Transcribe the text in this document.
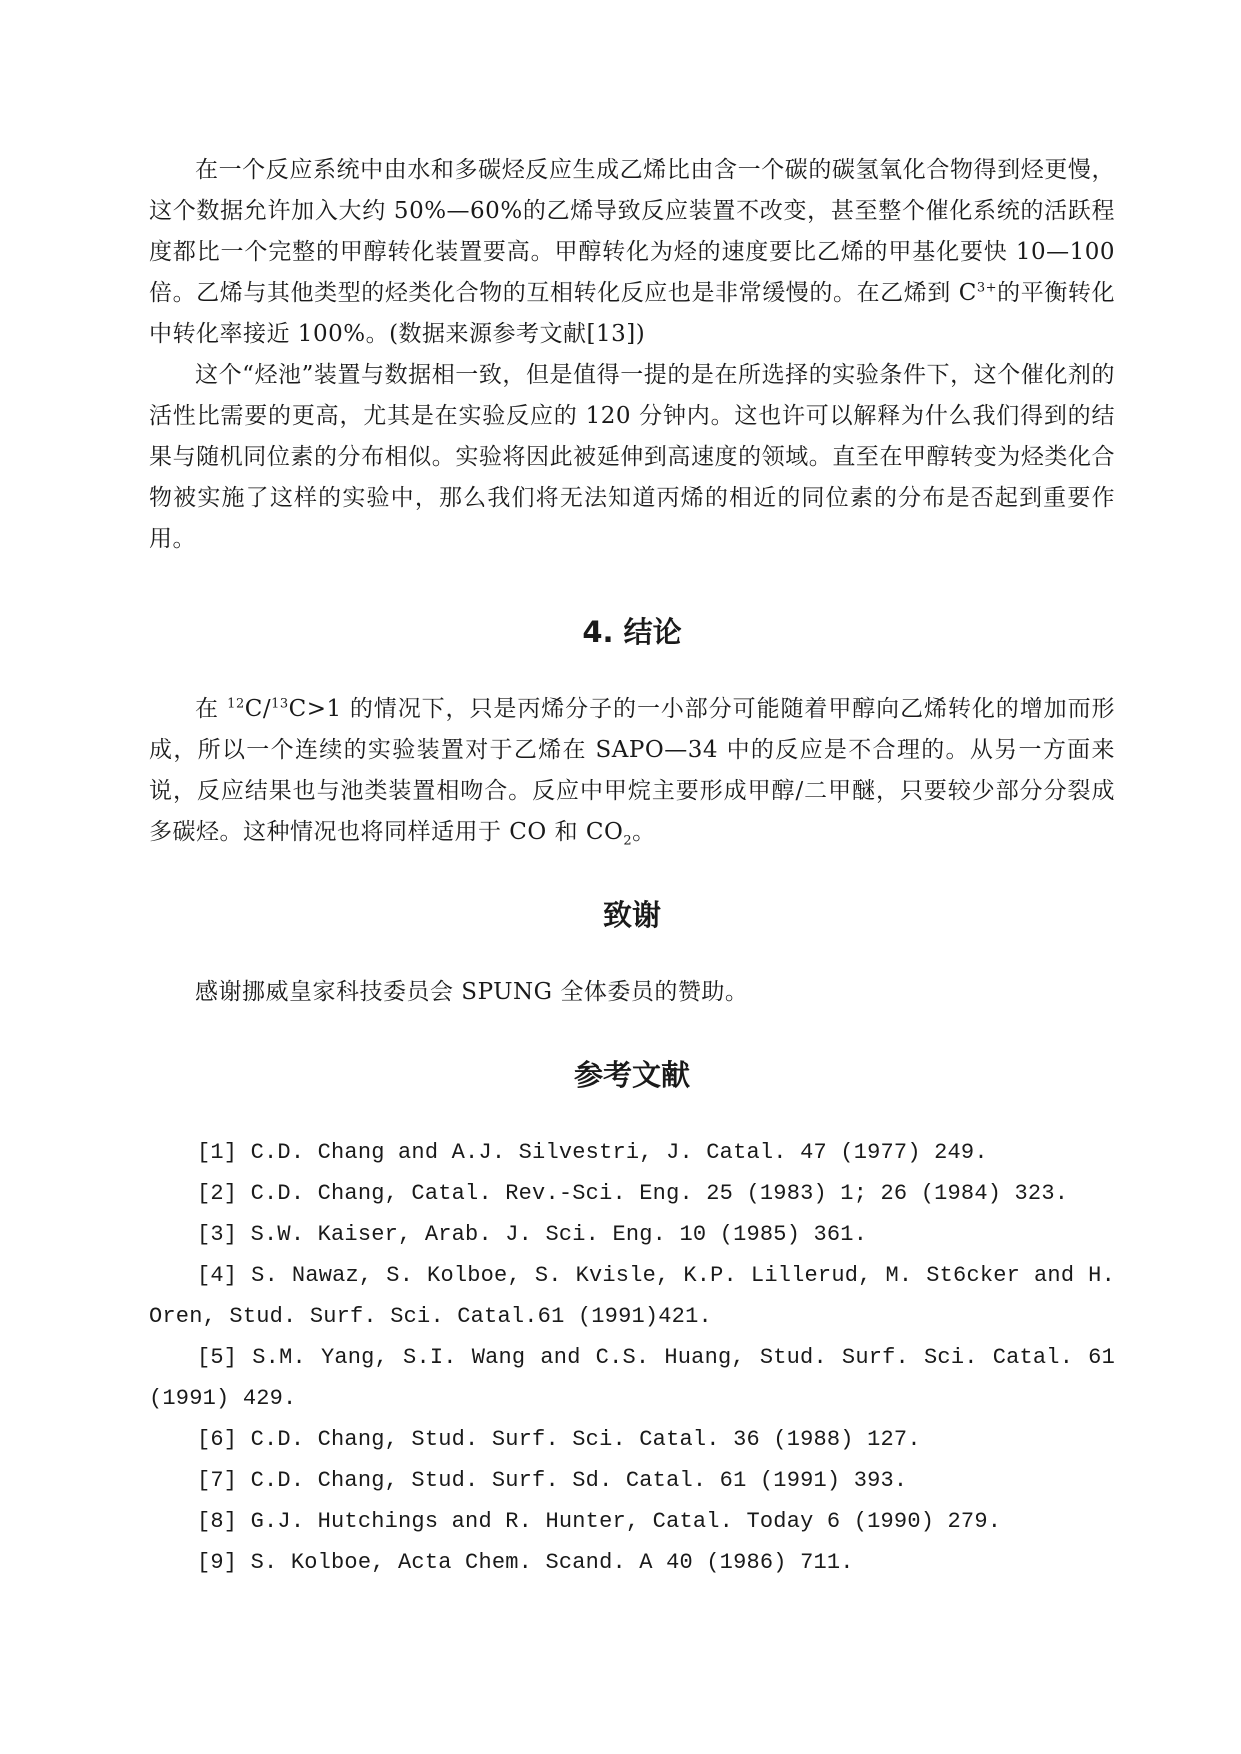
在一个反应系统中由水和多碳烃反应生成乙烯比由含一个碳的碳氢氧化合物得到烃更慢，这个数据允许加入大约 50%—60%的乙烯导致反应装置不改变，甚至整个催化系统的活跃程度都比一个完整的甲醇转化装置要高。甲醇转化为烃的速度要比乙烯的甲基化要快 10—100 倍。乙烯与其他类型的烃类化合物的互相转化反应也是非常缓慢的。在乙烯到 $C^{3+}$的平衡转化中转化率接近 100%。(数据来源参考文献[13])

这个“烃池”装置与数据相一致，但是值得一提的是在所选择的实验条件下，这个催化剂的活性比需要的更高，尤其是在实验反应的 120 分钟内。这也许可以解释为什么我们得到的结果与随机同位素的分布相似。实验将因此被延伸到高速度的领域。直至在甲醇转变为烃类化合物被实施了这样的实验中，那么我们将无法知道丙烯的相近的同位素的分布是否起到重要作用。

4. 结论

在 $^{12}$C/$^{13}$C>1 的情况下，只是丙烯分子的一小部分可能随着甲醇向乙烯转化的增加而形成，所以一个连续的实验装置对于乙烯在 SAPO—34 中的反应是不合理的。从另一方面来说，反应结果也与池类装置相吻合。反应中甲烷主要形成甲醇/二甲醚，只要较少部分分裂成多碳烃。这种情况也将同样适用于 CO 和 $CO_2$。

致谢

感谢挪威皇家科技委员会 SPUNG 全体委员的赞助。

参考文献
[1] C.D. Chang and A.J. Silvestri, J. Catal. 47 (1977) 249.
[2] C.D. Chang, Catal. Rev.-Sci. Eng. 25 (1983) 1; 26 (1984) 323.
[3] S.W. Kaiser, Arab. J. Sci. Eng. 10 (1985) 361.
[4] S. Nawaz, S. Kolboe, S. Kvisle, K.P. Lillerud, M. St6cker and H. Oren, Stud. Surf. Sci. Catal.61 (1991)421.
[5] S.M. Yang, S.I. Wang and C.S. Huang, Stud. Surf. Sci. Catal. 61 (1991) 429.
[6] C.D. Chang, Stud. Surf. Sci. Catal. 36 (1988) 127.
[7] C.D. Chang, Stud. Surf. Sd. Catal. 61 (1991) 393.
[8] G.J. Hutchings and R. Hunter, Catal. Today 6 (1990) 279.
[9] S. Kolboe, Acta Chem. Scand. A 40 (1986) 711.
